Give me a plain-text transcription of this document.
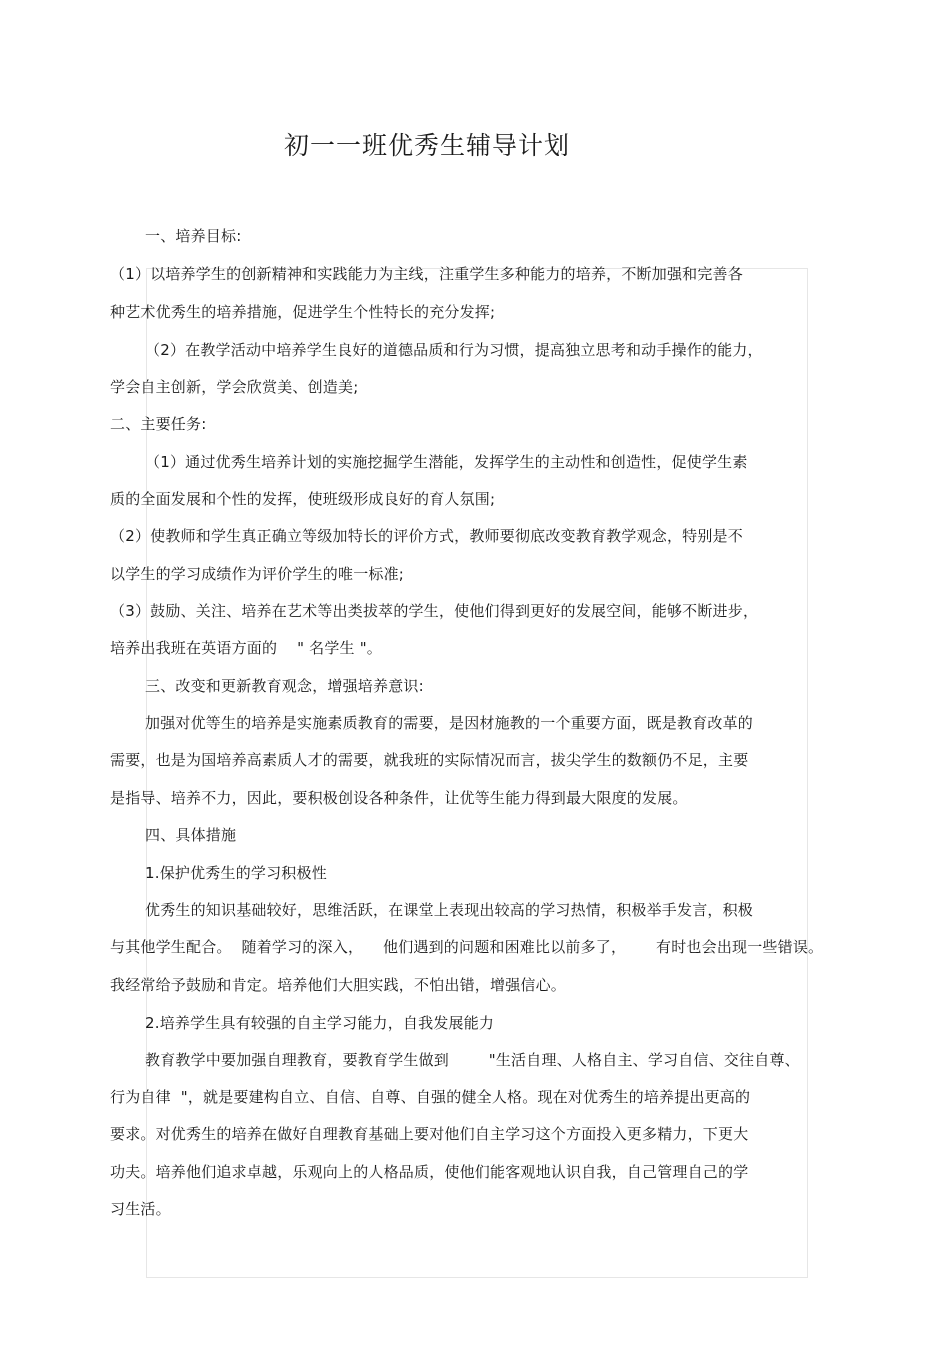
初一一班优秀生辅导计划
一、培养目标:
（1）以培养学生的创新精神和实践能力为主线，注重学生多种能力的培养，不断加强和完善各
种艺术优秀生的培养措施，促进学生个性特长的充分发挥;
（2）在教学活动中培养学生良好的道德品质和行为习惯，提高独立思考和动手操作的能力，
学会自主创新，学会欣赏美、创造美;
二、主要任务:
（1）通过优秀生培养计划的实施挖掘学生潜能，发挥学生的主动性和创造性，促使学生素
质的全面发展和个性的发挥，使班级形成良好的育人氛围;
（2）使教师和学生真正确立等级加特长的评价方式，教师要彻底改变教育教学观念，特别是不
以学生的学习成绩作为评价学生的唯一标准;
（3）鼓励、关注、培养在艺术等出类拔萃的学生，使他们得到更好的发展空间，能够不断进步，
培养出我班在英语方面的    " 名学生 "。
三、改变和更新教育观念，增强培养意识:
加强对优等生的培养是实施素质教育的需要，是因材施教的一个重要方面，既是教育改革的
需要，也是为国培养高素质人才的需要，就我班的实际情况而言，拔尖学生的数额仍不足，主要
是指导、培养不力，因此，要积极创设各种条件，让优等生能力得到最大限度的发展。
四、具体措施
1.保护优秀生的学习积极性
优秀生的知识基础较好，思维活跃，在课堂上表现出较高的学习热情，积极举手发言，积极
与其他学生配合。  随着学习的深入，    他们遇到的问题和困难比以前多了，      有时也会出现一些错误。
我经常给予鼓励和肯定。培养他们大胆实践，不怕出错，增强信心。
2.培养学生具有较强的自主学习能力，自我发展能力
教育教学中要加强自理教育，要教育学生做到        "生活自理、人格自主、学习自信、交往自尊、
行为自律  "，就是要建构自立、自信、自尊、自强的健全人格。现在对优秀生的培养提出更高的
要求。对优秀生的培养在做好自理教育基础上要对他们自主学习这个方面投入更多精力，下更大
功夫。培养他们追求卓越，乐观向上的人格品质，使他们能客观地认识自我，自己管理自己的学
习生活。
